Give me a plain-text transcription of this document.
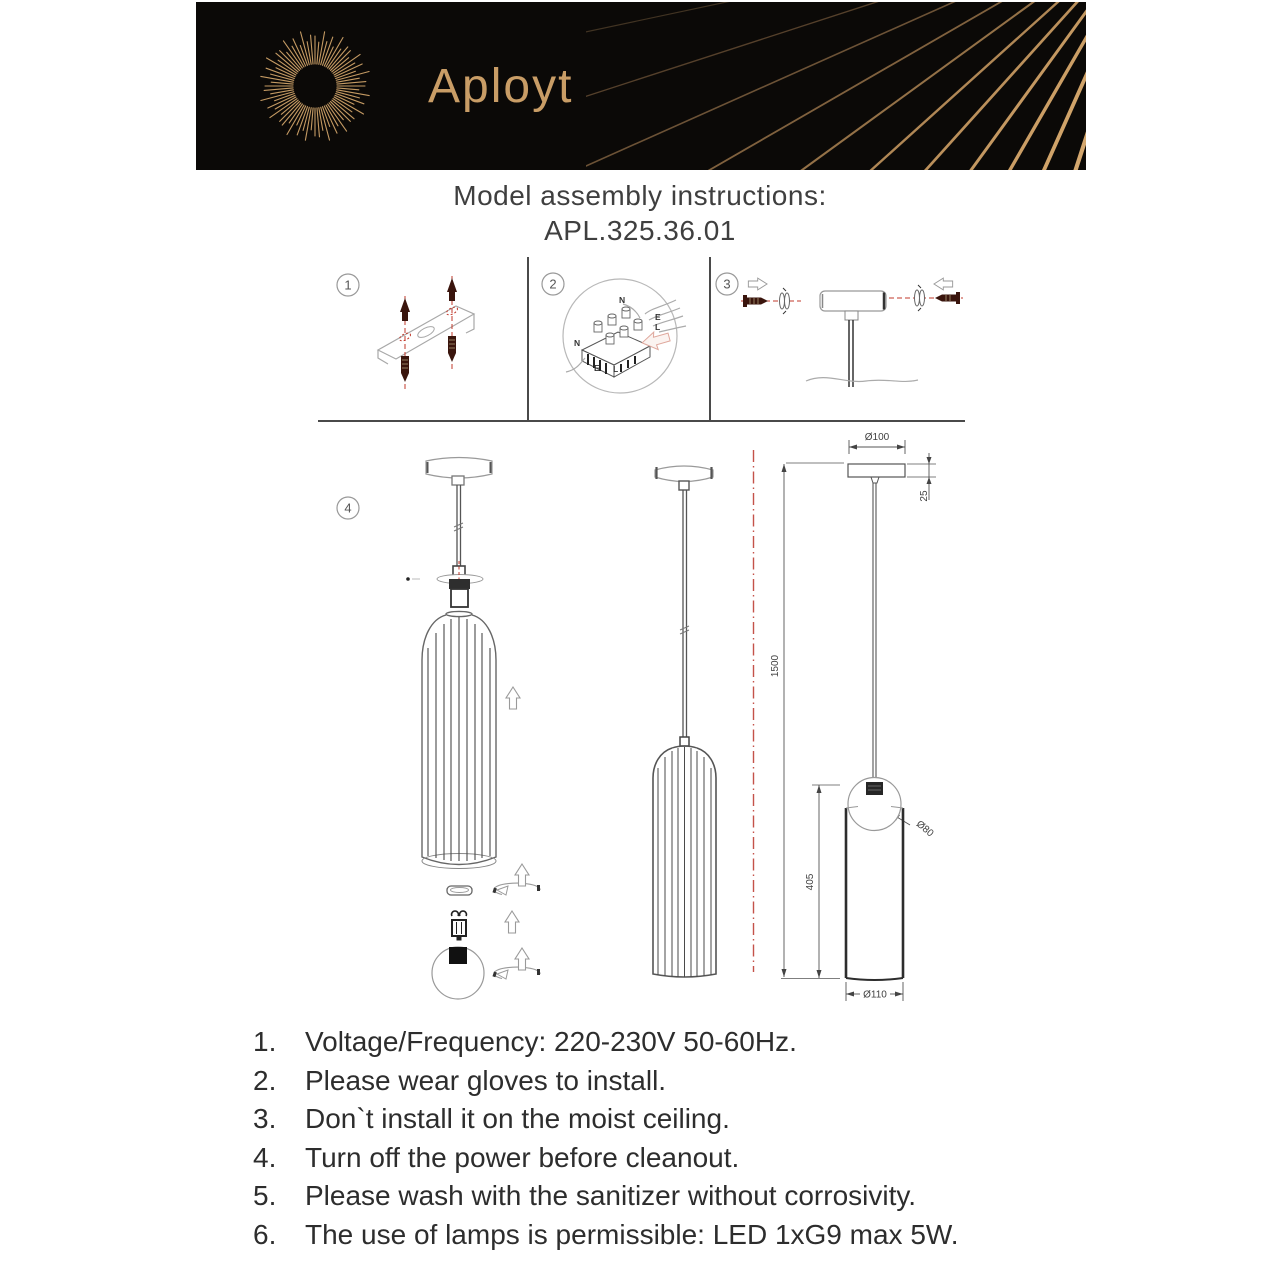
Aployt
Model assembly instructions:
APL.325.36.01
1	2	3
4
N
E
L
N
E L
Ø100
25
1500
405
Ø80
Ø110
1.	Voltage/Frequency: 220-230V 50-60Hz.
2.	Please wear gloves to install.
3.	Don`t install it on the moist ceiling.
4.	Turn off the power before cleanout.
5.	Please wash with the sanitizer without corrosivity.
6.	The use of lamps is permissible: LED 1xG9 max 5W.
